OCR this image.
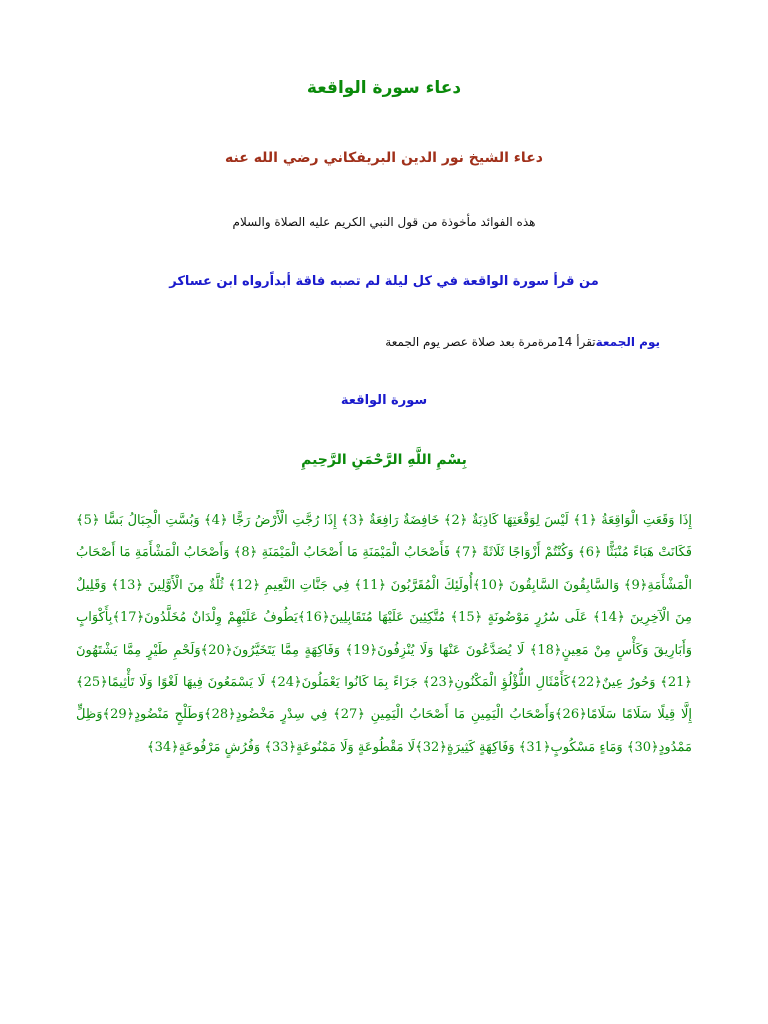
دعاء سورة الواقعة
دعاء الشيخ نور الدين البريفكاني رضي الله عنه
هذه الفوائد مأخوذة من قول النبي الكريم عليه الصلاة والسلام
من قرأ سورة الواقعة في كل ليلة لم تصبه فاقة أبداًرواه ابن عساكر
يوم الجمعةتقرأ 14مرةمرة بعد صلاة عصر يوم الجمعة
سورة الواقعة
بِسْمِ اللَّهِ الرَّحْمَنِ الرَّحِيمِ
إِذَا وَقَعَتِ الْوَاقِعَةُ ﴿1﴾ لَيْسَ لِوَقْعَتِهَا كَاذِبَةٌ ﴿2﴾ خَافِضَةٌ رَافِعَةٌ ﴿3﴾ إِذَا رُجَّتِ الْأَرْضُ رَجًّا ﴿4﴾ وَبُسَّتِ الْجِبَالُ بَسًّا ﴿5﴾ فَكَانَتْ هَبَاءً مُنْبَثًّا ﴿6﴾ وَكُنْتُمْ أَزْوَاجًا ثَلَاثَةً ﴿7﴾ فَأَصْحَابُ الْمَيْمَنَةِ مَا أَصْحَابُ الْمَيْمَنَةِ ﴿8﴾ وَأَصْحَابُ الْمَشْأَمَةِ مَا أَصْحَابُ الْمَشْأَمَةِ﴿9﴾ وَالسَّابِقُونَ السَّابِقُونَ ﴿10﴾أُولَئِكَ الْمُقَرَّبُونَ ﴿11﴾ فِي جَنَّاتِ النَّعِيمِ ﴿12﴾ ثُلَّةٌ مِنَ الْأَوَّلِينَ ﴿13﴾ وَقَلِيلٌ مِنَ الْآخِرِينَ ﴿14﴾ عَلَى سُرُرٍ مَوْضُونَةٍ ﴿15﴾ مُتَّكِئِينَ عَلَيْهَا مُتَقَابِلِينَ﴿16﴾يَطُوفُ عَلَيْهِمْ وِلْدَانٌ مُخَلَّدُونَ﴿17﴾بِأَكْوَابٍ وَأَبَارِيقَ وَكَأْسٍ مِنْ مَعِينٍ﴿18﴾ لَا يُصَدَّعُونَ عَنْهَا وَلَا يُنْزِفُونَ﴿19﴾ وَفَاكِهَةٍ مِمَّا يَتَخَيَّرُونَ﴿20﴾وَلَحْمِ طَيْرٍ مِمَّا يَشْتَهُونَ ﴿21﴾ وَحُورٌ عِينٌ﴿22﴾كَأَمْثَالِ اللُّؤْلُؤِ الْمَكْنُونِ﴿23﴾ جَزَاءً بِمَا كَانُوا يَعْمَلُونَ﴿24﴾ لَا يَسْمَعُونَ فِيهَا لَغْوًا وَلَا تَأْثِيمًا﴿25﴾ إِلَّا قِيلًا سَلَامًا سَلَامًا﴿26﴾وَأَصْحَابُ الْيَمِينِ مَا أَصْحَابُ الْيَمِينِ ﴿27﴾ فِي سِدْرٍ مَخْضُودٍ﴿28﴾وَطَلْحٍ مَنْضُودٍ﴿29﴾وَظِلٍّ مَمْدُودٍ﴿30﴾ وَمَاءٍ مَسْكُوبٍ﴿31﴾ وَفَاكِهَةٍ كَثِيرَةٍ﴿32﴾لَا مَقْطُوعَةٍ وَلَا مَمْنُوعَةٍ﴿33﴾ وَفُرُشٍ مَرْفُوعَةٍ﴿34﴾
